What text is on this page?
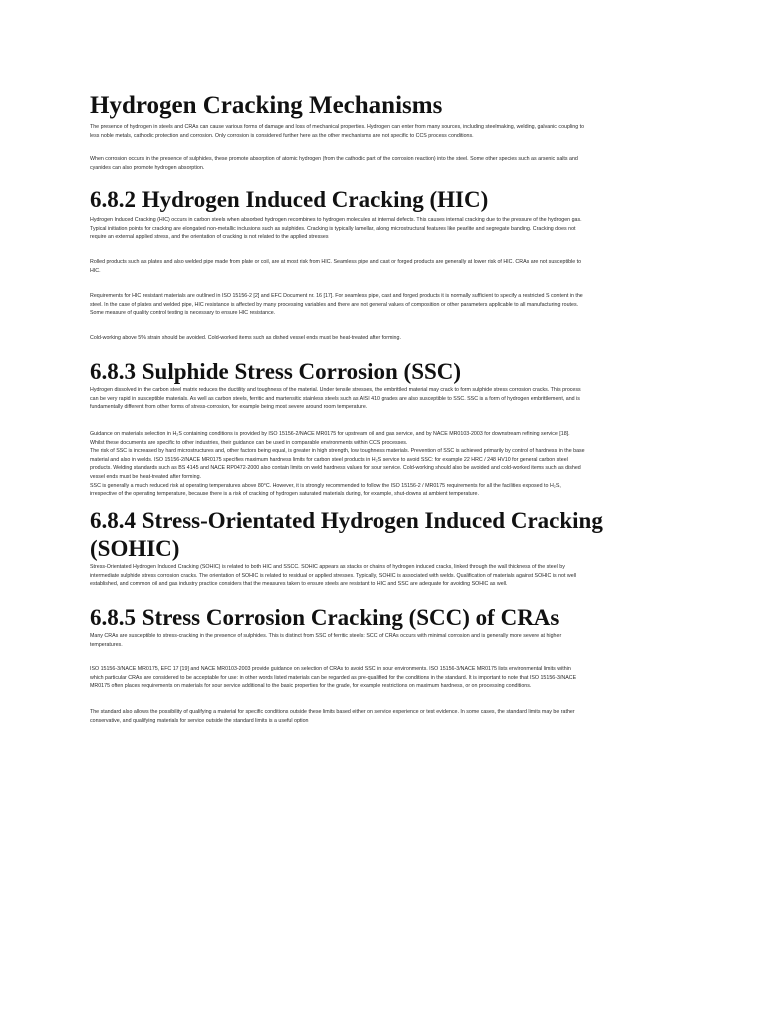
Hydrogen Cracking Mechanisms

The presence of hydrogen in steels and CRAs can cause various forms of damage and loss of mechanical properties. Hydrogen can enter from many sources, including steelmaking, welding, galvanic coupling to
less noble metals, cathodic protection and corrosion. Only corrosion is considered further here as the other mechanisms are not specific to CCS process conditions.

When corrosion occurs in the presence of sulphides, these promote absorption of atomic hydrogen (from the cathodic part of the corrosion reaction) into the steel. Some other species such as arsenic salts and
cyanides can also promote hydrogen absorption.

6.8.2 Hydrogen Induced Cracking (HIC)

Hydrogen Induced Cracking (HIC) occurs in carbon steels when absorbed hydrogen recombines to hydrogen molecules at internal defects. This causes internal cracking due to the pressure of the hydrogen gas.
Typical initiation points for cracking are elongated non-metallic inclusions such as sulphides. Cracking is typically lamellar, along microstructural features like pearlite and segregate banding. Cracking does not
require an external applied stress, and the orientation of cracking is not related to the applied stresses

Rolled products such as plates and also welded pipe made from plate or coil, are at most risk from HIC. Seamless pipe and cast or forged products are generally at lower risk of HIC. CRAs are not susceptible to
HIC.

Requirements for HIC resistant materials are outlined in ISO 15156-2 [2] and EFC Document nr. 16 [17]. For seamless pipe, cast and forged products it is normally sufficient to specify a restricted S content in the
steel. In the case of plates and welded pipe, HIC resistance is affected by many processing variables and there are not general values of composition or other parameters applicable to all manufacturing routes.
Some measure of quality control testing is necessary to ensure HIC resistance.

Cold-working above 5% strain should be avoided. Cold-worked items such as dished vessel ends must be heat-treated after forming.

6.8.3 Sulphide Stress Corrosion (SSC)

Hydrogen dissolved in the carbon steel matrix reduces the ductility and toughness of the material. Under tensile stresses, the embrittled material may crack to form sulphide stress corrosion cracks. This process
can be very rapid in susceptible materials. As well as carbon steels, ferritic and martensitic stainless steels such as AISI 410 grades are also susceptible to SSC. SSC is a form of hydrogen embrittlement, and is
fundamentally different from other forms of stress-corrosion, for example being most severe around room temperature.

Guidance on materials selection in H₂S containing conditions is provided by ISO 15156-2/NACE MR0175 for upstream oil and gas service, and by NACE MR0103-2003 for downstream refining service [18].
Whilst these documents are specific to other industries, their guidance can be used in comparable environments within CCS processes.
The risk of SSC is increased by hard microstructures and, other factors being equal, is greater in high strength, low toughness materials. Prevention of SSC is achieved primarily by control of hardness in the base
material and also in welds. ISO 15156-2/NACE MR0175 specifies maximum hardness limits for carbon steel products in H₂S service to avoid SSC: for example 22 HRC / 248 HV10 for general carbon steel
products. Welding standards such as BS 4145 and NACE RP0472-2000 also contain limits on weld hardness values for sour service. Cold-working should also be avoided and cold-worked items such as dished
vessel ends must be heat-treated after forming.
SSC is generally a much reduced risk at operating temperatures above 80°C. However, it is strongly recommended to follow the ISO 15156-2 / MR0175 requirements for all the facilities exposed to H₂S,
irrespective of the operating temperature, because there is a risk of cracking of hydrogen saturated materials during, for example, shut-downs at ambient temperature.

6.8.4 Stress-Orientated Hydrogen Induced Cracking
(SOHIC)

Stress-Orientated Hydrogen Induced Cracking (SOHIC) is related to both HIC and SSCC. SOHIC appears as stacks or chains of hydrogen induced cracks, linked through the wall thickness of the steel by
intermediate sulphide stress corrosion cracks. The orientation of SOHIC is related to residual or applied stresses. Typically, SOHIC is associated with welds. Qualification of materials against SOHIC is not well
established, and common oil and gas industry practice considers that the measures taken to ensure steels are resistant to HIC and SSC are adequate for avoiding SOHIC as well.

6.8.5 Stress Corrosion Cracking (SCC) of CRAs

Many CRAs are susceptible to stress-cracking in the presence of sulphides. This is distinct from SSC of ferritic steels: SCC of CRAs occurs with minimal corrosion and is generally more severe at higher
temperatures.

ISO 15156-3/NACE MR0175, EFC 17 [19] and NACE MR0103-2003 provide guidance on selection of CRAs to avoid SSC in sour environments. ISO 15156-3/NACE MR0175 lists environmental limits within
which particular CRAs are considered to be acceptable for use: in other words listed materials can be regarded as pre-qualified for the conditions in the standard. It is important to note that ISO 15156-3/NACE
MR0175 often places requirements on materials for sour service additional to the basic properties for the grade, for example restrictions on maximum hardness, or on processing conditions.

The standard also allows the possibility of qualifying a material for specific conditions outside these limits based either on service experience or test evidence. In some cases, the standard limits may be rather
conservative, and qualifying materials for service outside the standard limits is a useful option
